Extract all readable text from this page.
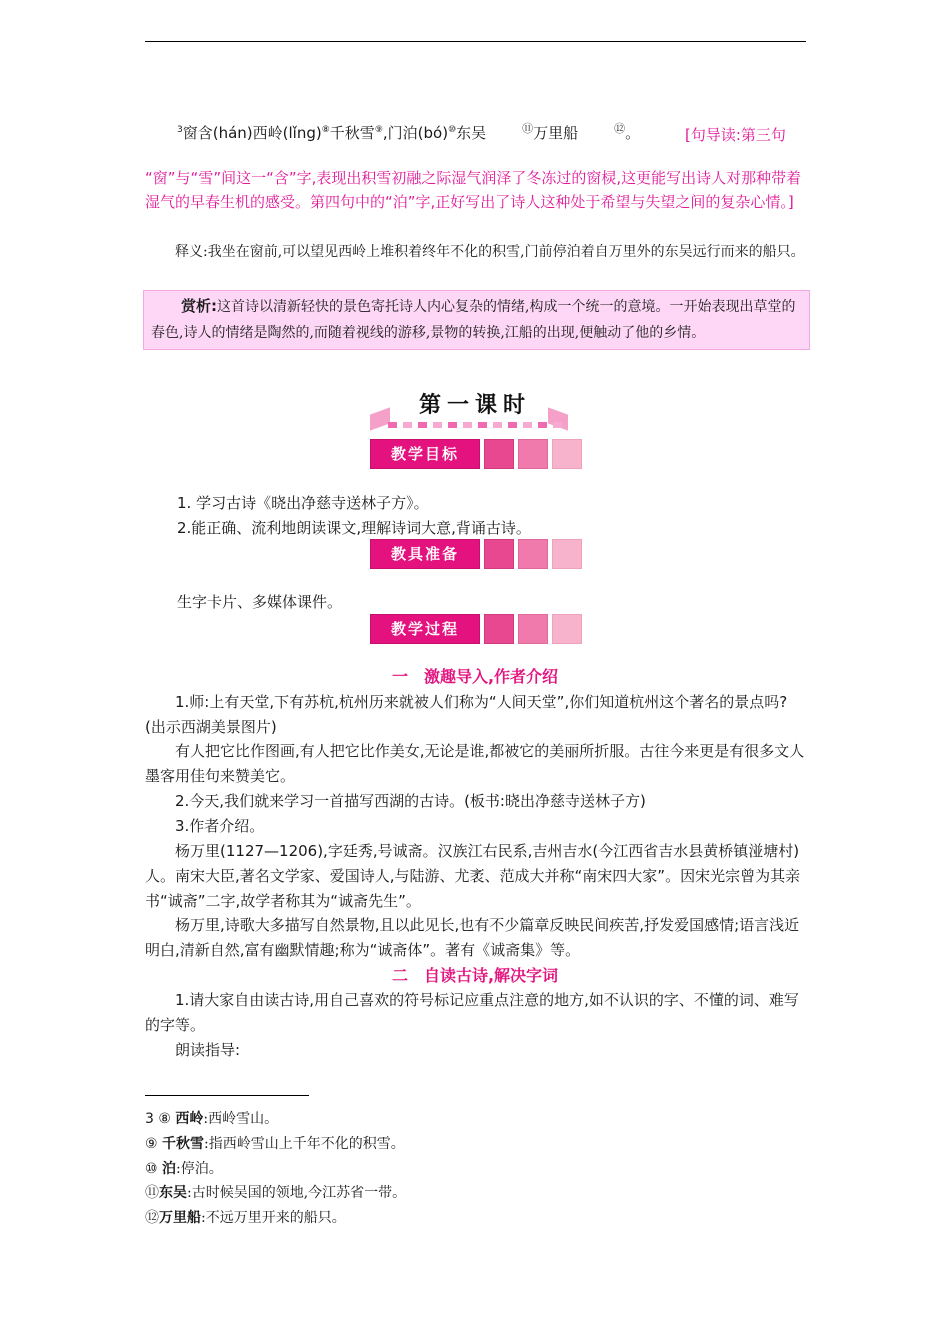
$^3$窗含(hán)西岭(lǐng)⑧千秋雪⑨,门泊(bó)⑩东吴	⑪万里船	⑫。	[句导读:第三句
“窗”与“雪”间这一“含”字,表现出积雪初融之际湿气润泽了冬冻过的窗棂,这更能写出诗人对那种带着湿气的早春生机的感受。第四句中的“泊”字,正好写出了诗人这种处于希望与失望之间的复杂心情。]
释义:我坐在窗前,可以望见西岭上堆积着终年不化的积雪,门前停泊着自万里外的东吴远行而来的船只。
赏析:这首诗以清新轻快的景色寄托诗人内心复杂的情绪,构成一个统一的意境。一开始表现出草堂的春色,诗人的情绪是陶然的,而随着视线的游移,景物的转换,江船的出现,便触动了他的乡情。
第一课时
教学目标
1. 学习古诗《晓出净慈寺送林子方》。
2.能正确、流利地朗读课文,理解诗词大意,背诵古诗。
教具准备
生字卡片、多媒体课件。
教学过程
一　激趣导入,作者介绍
1.师:上有天堂,下有苏杭,杭州历来就被人们称为“人间天堂”,你们知道杭州这个著名的景点吗?(出示西湖美景图片)
有人把它比作图画,有人把它比作美女,无论是谁,都被它的美丽所折服。古往今来更是有很多文人墨客用佳句来赞美它。
2.今天,我们就来学习一首描写西湖的古诗。(板书:晓出净慈寺送林子方)
3.作者介绍。
杨万里(1127—1206),字廷秀,号诚斋。汉族江右民系,吉州吉水(今江西省吉水县黄桥镇湴塘村)人。南宋大臣,著名文学家、爱国诗人,与陆游、尤袤、范成大并称“南宋四大家”。因宋光宗曾为其亲书“诚斋”二字,故学者称其为“诚斋先生”。
杨万里,诗歌大多描写自然景物,且以此见长,也有不少篇章反映民间疾苦,抒发爱国感情;语言浅近明白,清新自然,富有幽默情趣;称为“诚斋体”。著有《诚斋集》等。
二　自读古诗,解决字词
1.请大家自由读古诗,用自己喜欢的符号标记应重点注意的地方,如不认识的字、不懂的词、难写的字等。
朗读指导:
3 ⑧ 西岭:西岭雪山。
⑨ 千秋雪:指西岭雪山上千年不化的积雪。
⑩ 泊:停泊。
⑪东吴:古时候吴国的领地,今江苏省一带。
⑫万里船:不远万里开来的船只。
